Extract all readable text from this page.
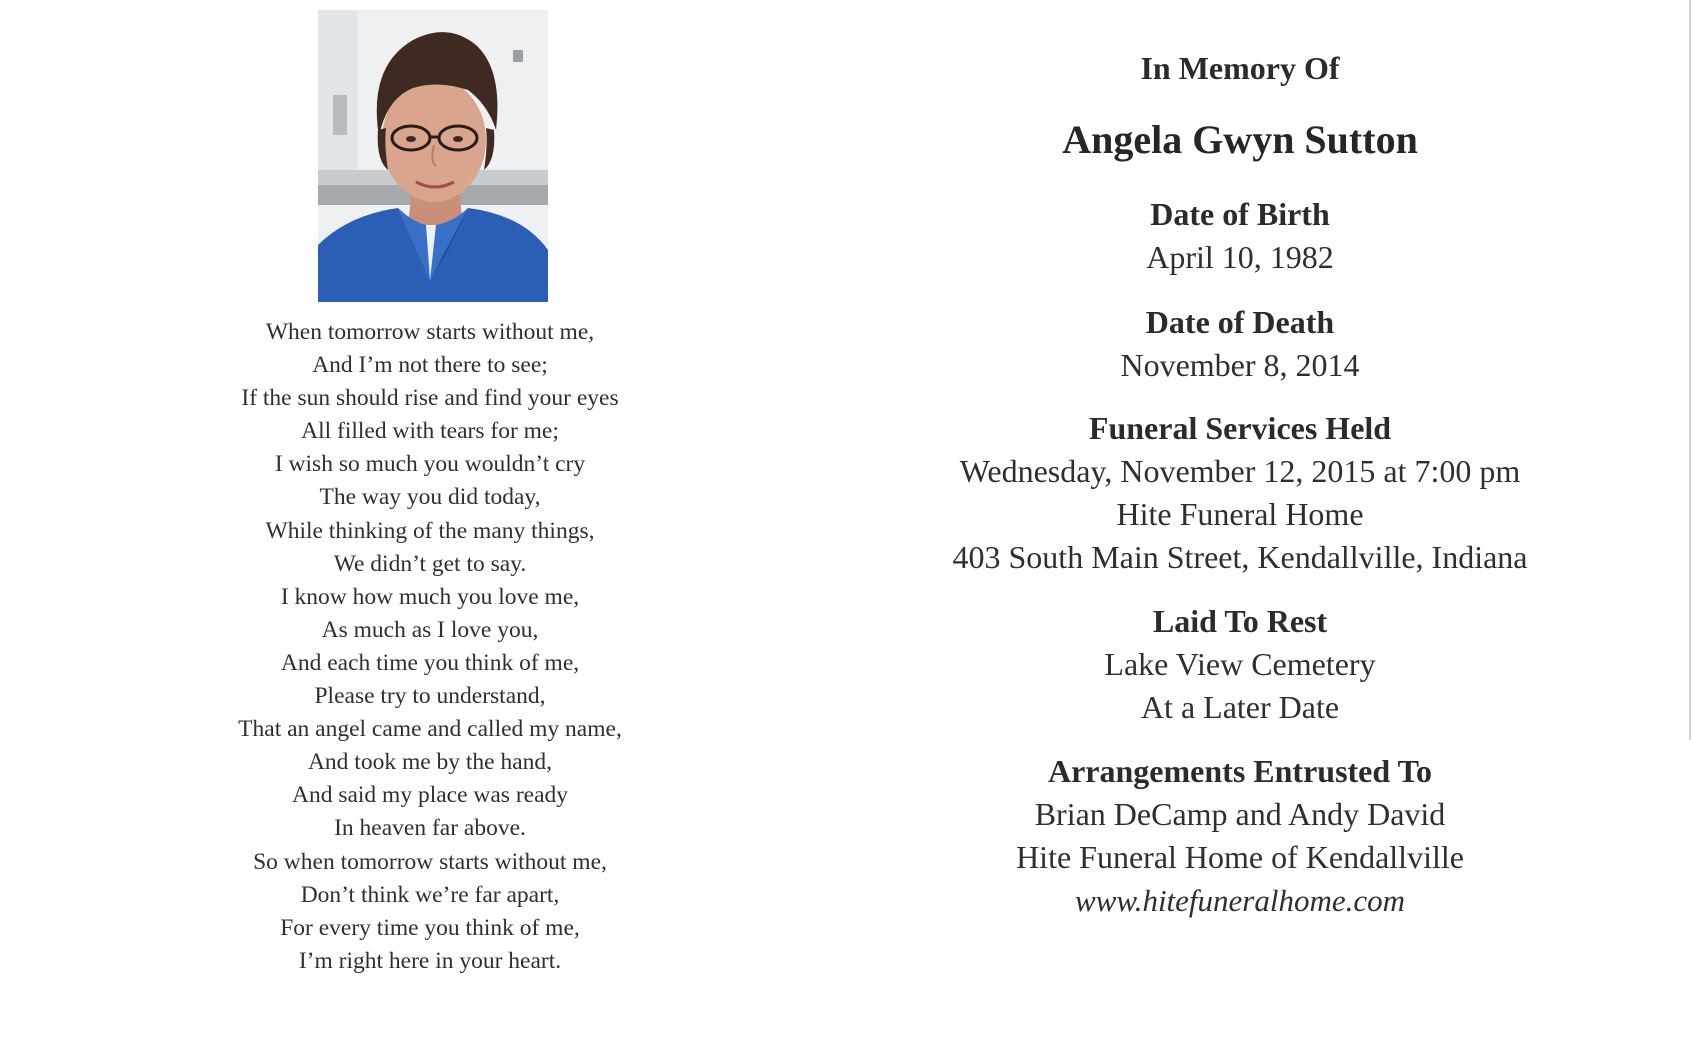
When tomorrow starts without me,
And I’m not there to see;
If the sun should rise and find your eyes
All filled with tears for me;
I wish so much you wouldn’t cry
The way you did today,
While thinking of the many things,
We didn’t get to say.
I know how much you love me,
As much as I love you,
And each time you think of me,
Please try to understand,
That an angel came and called my name,
And took me by the hand,
And said my place was ready
In heaven far above.
So when tomorrow starts without me,
Don’t think we’re far apart,
For every time you think of me,
I’m right here in your heart.
In Memory Of
Angela Gwyn Sutton
Date of Birth
April 10, 1982
Date of Death
November 8, 2014
Funeral Services Held
Wednesday, November 12, 2015 at 7:00 pm
Hite Funeral Home
403 South Main Street, Kendallville, Indiana
Laid To Rest
Lake View Cemetery
At a Later Date
Arrangements Entrusted To
Brian DeCamp and Andy David
Hite Funeral Home of Kendallville
www.hitefuneralhome.com
